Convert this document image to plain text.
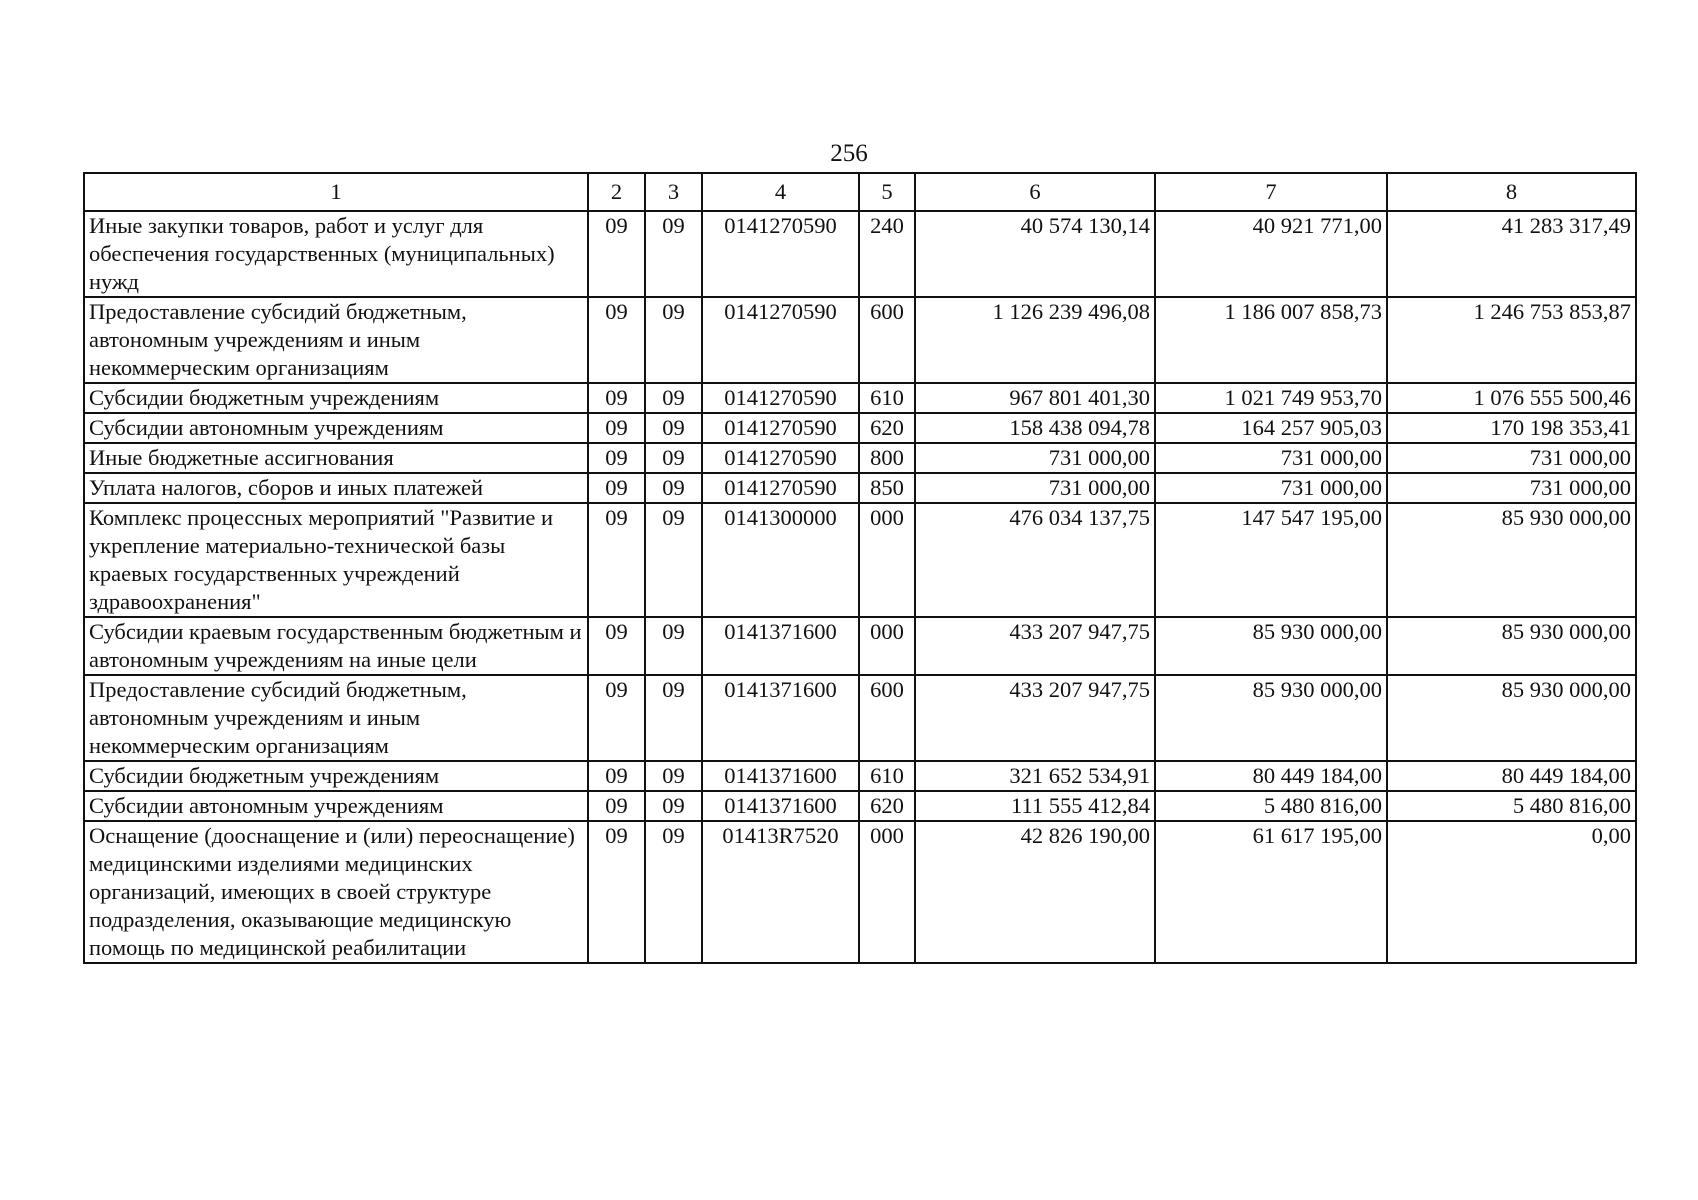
256
1	2	3	4	5	6	7	8
Иные закупки товаров, работ и услуг для обеспечения государственных (муниципальных) нужд	09	09	0141270590	240	40 574 130,14	40 921 771,00	41 283 317,49
Предоставление субсидий бюджетным, автономным учреждениям и иным некоммерческим организациям	09	09	0141270590	600	1 126 239 496,08	1 186 007 858,73	1 246 753 853,87
Субсидии бюджетным учреждениям	09	09	0141270590	610	967 801 401,30	1 021 749 953,70	1 076 555 500,46
Субсидии автономным учреждениям	09	09	0141270590	620	158 438 094,78	164 257 905,03	170 198 353,41
Иные бюджетные ассигнования	09	09	0141270590	800	731 000,00	731 000,00	731 000,00
Уплата налогов, сборов и иных платежей	09	09	0141270590	850	731 000,00	731 000,00	731 000,00
Комплекс процессных мероприятий "Развитие и укрепление материально-технической базы краевых государственных учреждений здравоохранения"	09	09	0141300000	000	476 034 137,75	147 547 195,00	85 930 000,00
Субсидии краевым государственным бюджетным и автономным учреждениям на иные цели	09	09	0141371600	000	433 207 947,75	85 930 000,00	85 930 000,00
Предоставление субсидий бюджетным, автономным учреждениям и иным некоммерческим организациям	09	09	0141371600	600	433 207 947,75	85 930 000,00	85 930 000,00
Субсидии бюджетным учреждениям	09	09	0141371600	610	321 652 534,91	80 449 184,00	80 449 184,00
Субсидии автономным учреждениям	09	09	0141371600	620	111 555 412,84	5 480 816,00	5 480 816,00
Оснащение (дооснащение и (или) переоснащение) медицинскими изделиями медицинских организаций, имеющих в своей структуре подразделения, оказывающие медицинскую помощь по медицинской реабилитации	09	09	01413R7520	000	42 826 190,00	61 617 195,00	0,00
